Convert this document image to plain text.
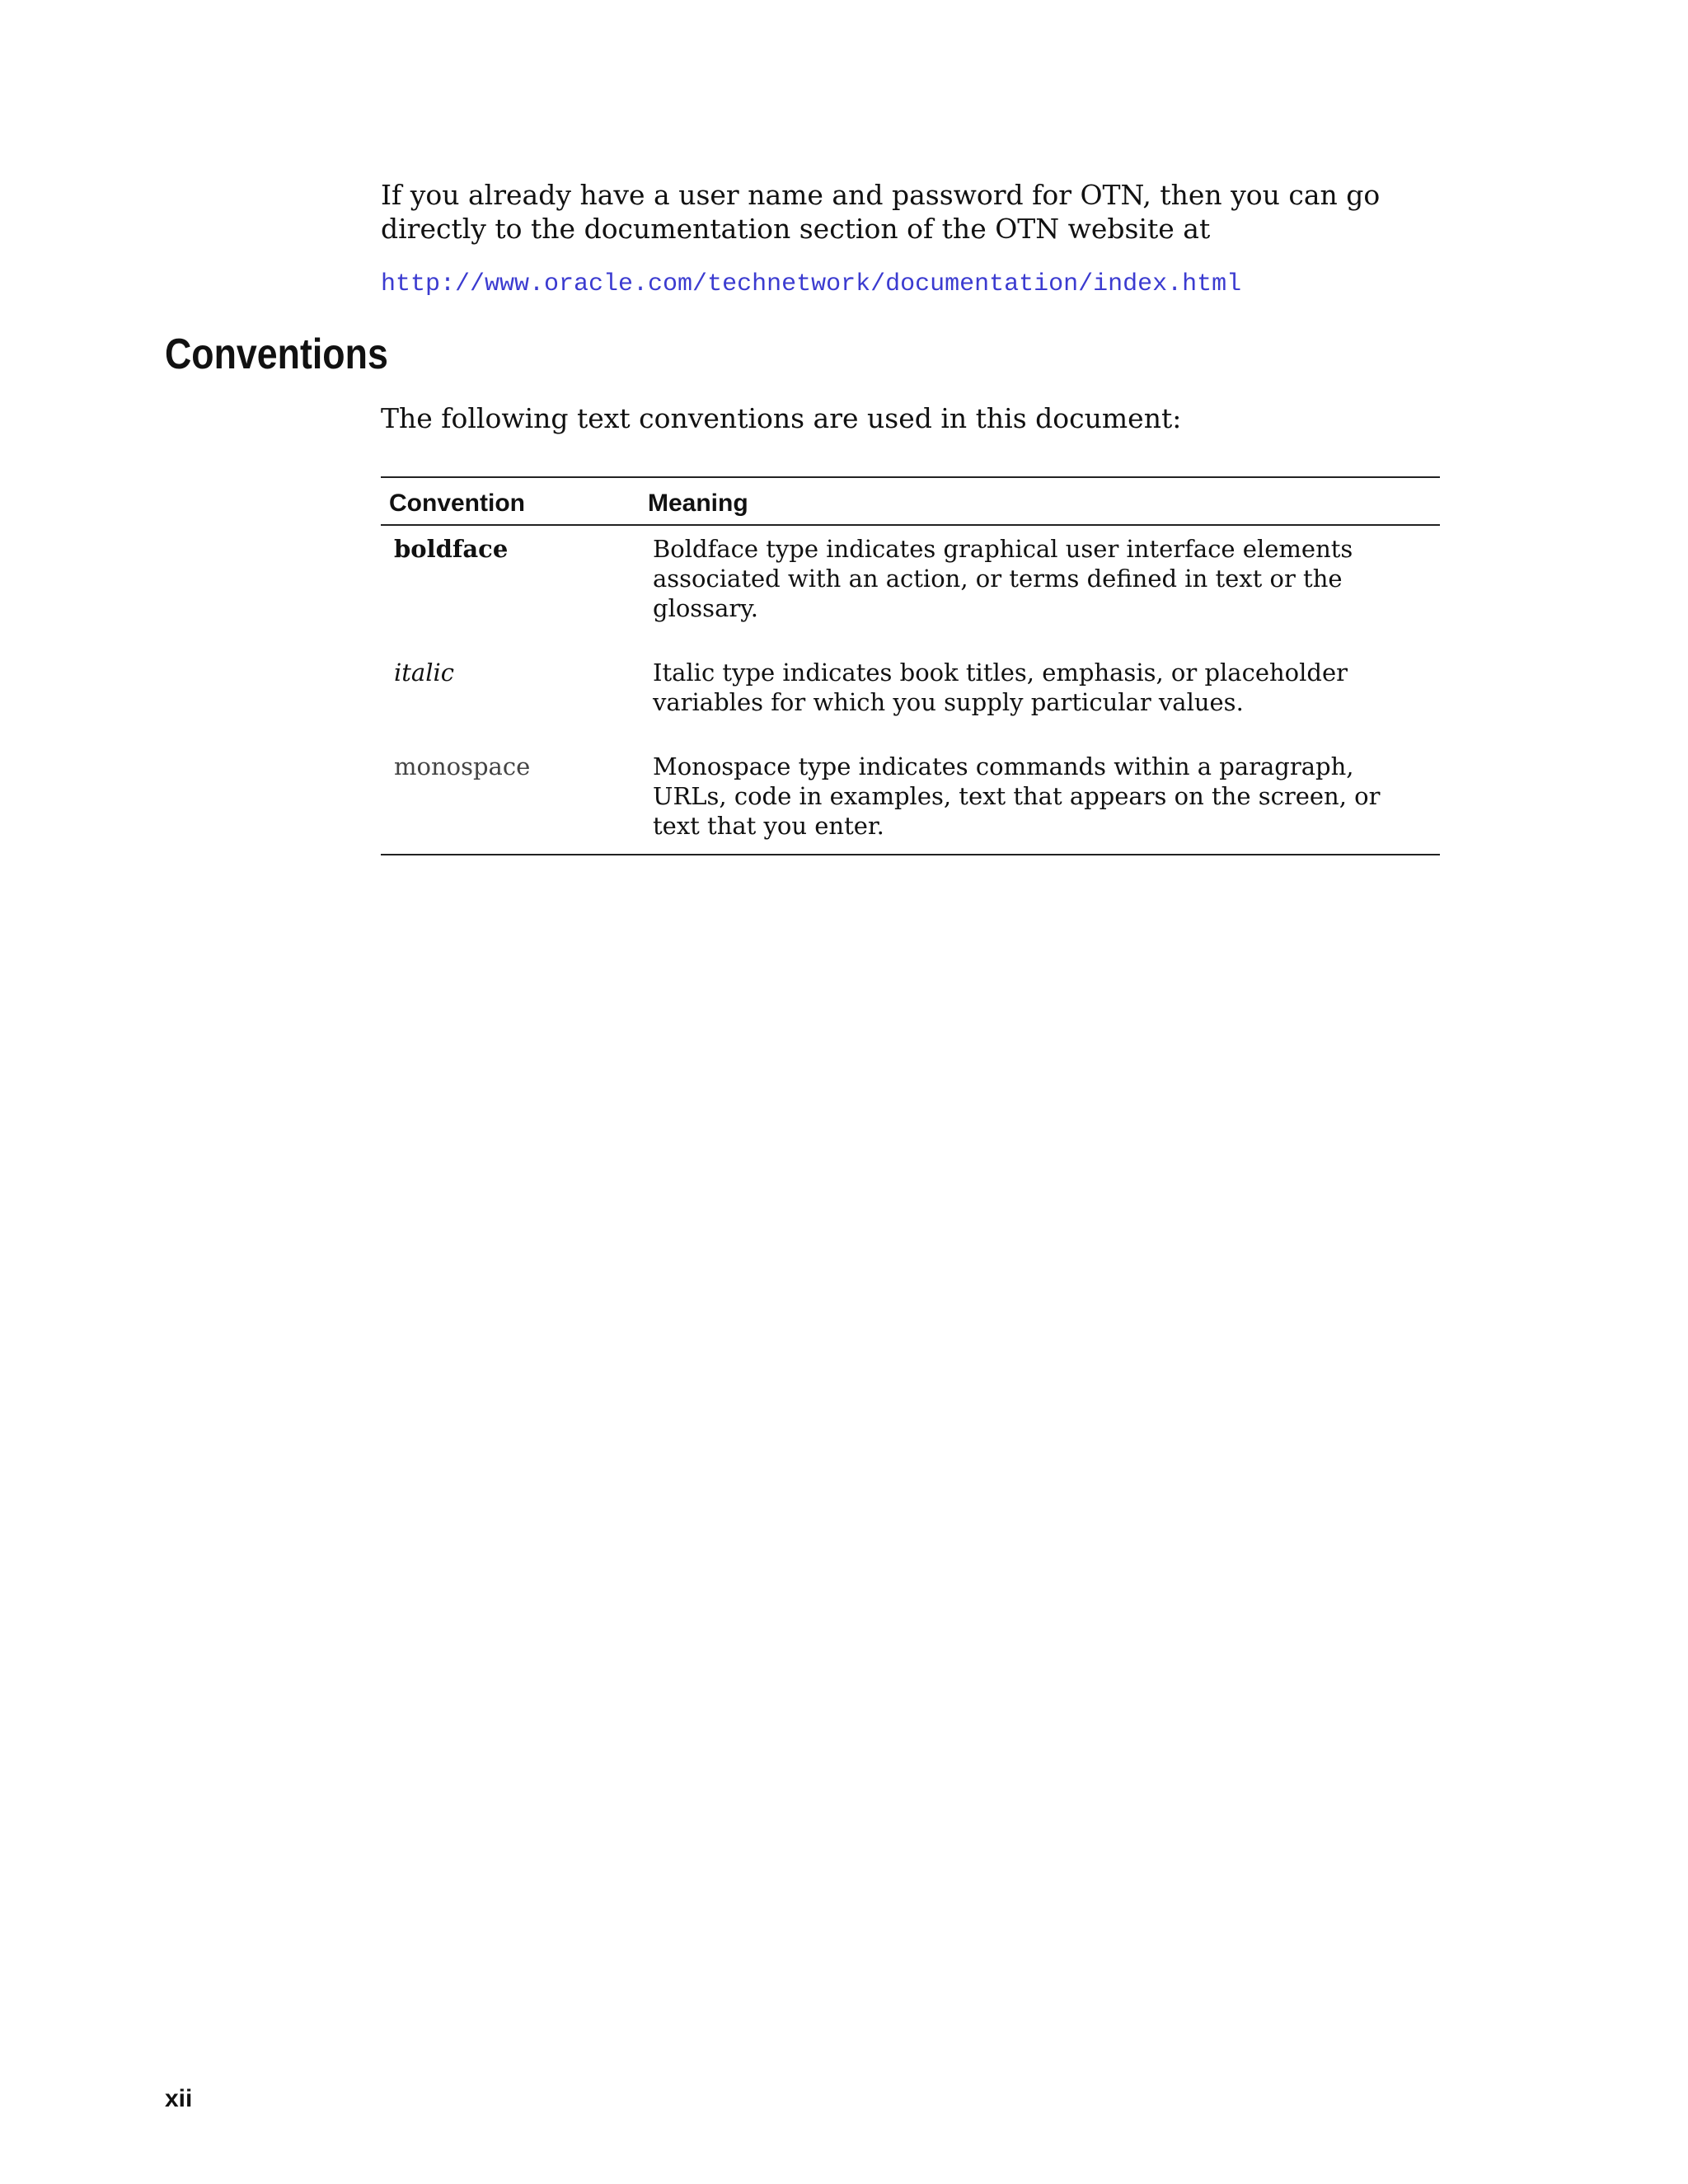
If you already have a user name and password for OTN, then you can go directly to the documentation section of the OTN website at

http://www.oracle.com/technetwork/documentation/index.html
Conventions

The following text conventions are used in this document:

Convention	Meaning
boldface	Boldface type indicates graphical user interface elements associated with an action, or terms defined in text or the glossary.
italic	Italic type indicates book titles, emphasis, or placeholder variables for which you supply particular values.
monospace	Monospace type indicates commands within a paragraph, URLs, code in examples, text that appears on the screen, or text that you enter.

xii
